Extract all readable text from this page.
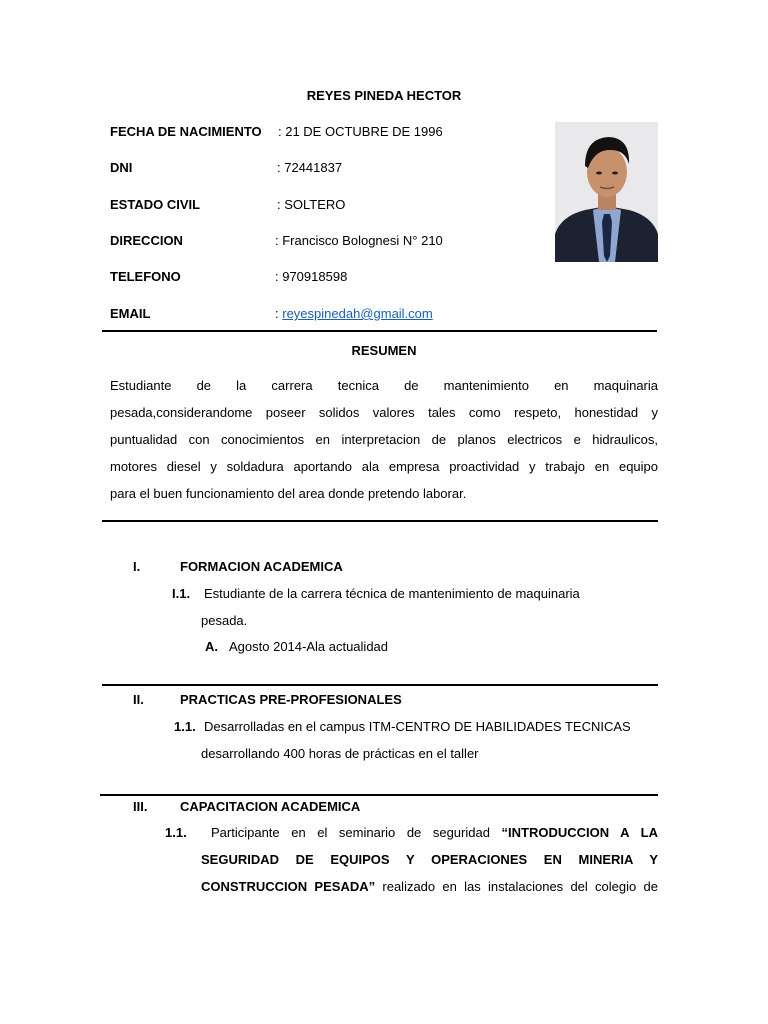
REYES PINEDA HECTOR
FECHA DE NACIMIENTO : 21 DE OCTUBRE DE 1996
DNI	: 72441837
ESTADO CIVIL	: SOLTERO
DIRECCION	: Francisco Bolognesi N° 210
TELEFONO	: 970918598
EMAIL	: reyespinedah@gmail.com
RESUMEN
Estudiante de la carrera tecnica de mantenimiento en maquinaria
pesada,considerandome poseer solidos valores tales como respeto, honestidad y
puntualidad con conocimientos en interpretacion de planos electricos e hidraulicos,
motores diesel y soldadura aportando ala empresa proactividad y trabajo en equipo
para el buen funcionamiento del area donde pretendo laborar.
I.	FORMACION ACADEMICA
I.1. Estudiante de la carrera técnica de mantenimiento de maquinaria
pesada.
A. Agosto 2014-Ala actualidad
II.	PRACTICAS PRE-PROFESIONALES
1.1. Desarrolladas en el campus ITM-CENTRO DE HABILIDADES TECNICAS
desarrollando 400 horas de prácticas en el taller
III.	CAPACITACION ACADEMICA
1.1. Participante en el seminario de seguridad “INTRODUCCION A LA
SEGURIDAD DE EQUIPOS Y OPERACIONES EN MINERIA Y
CONSTRUCCION PESADA” realizado en las instalaciones del colegio de
